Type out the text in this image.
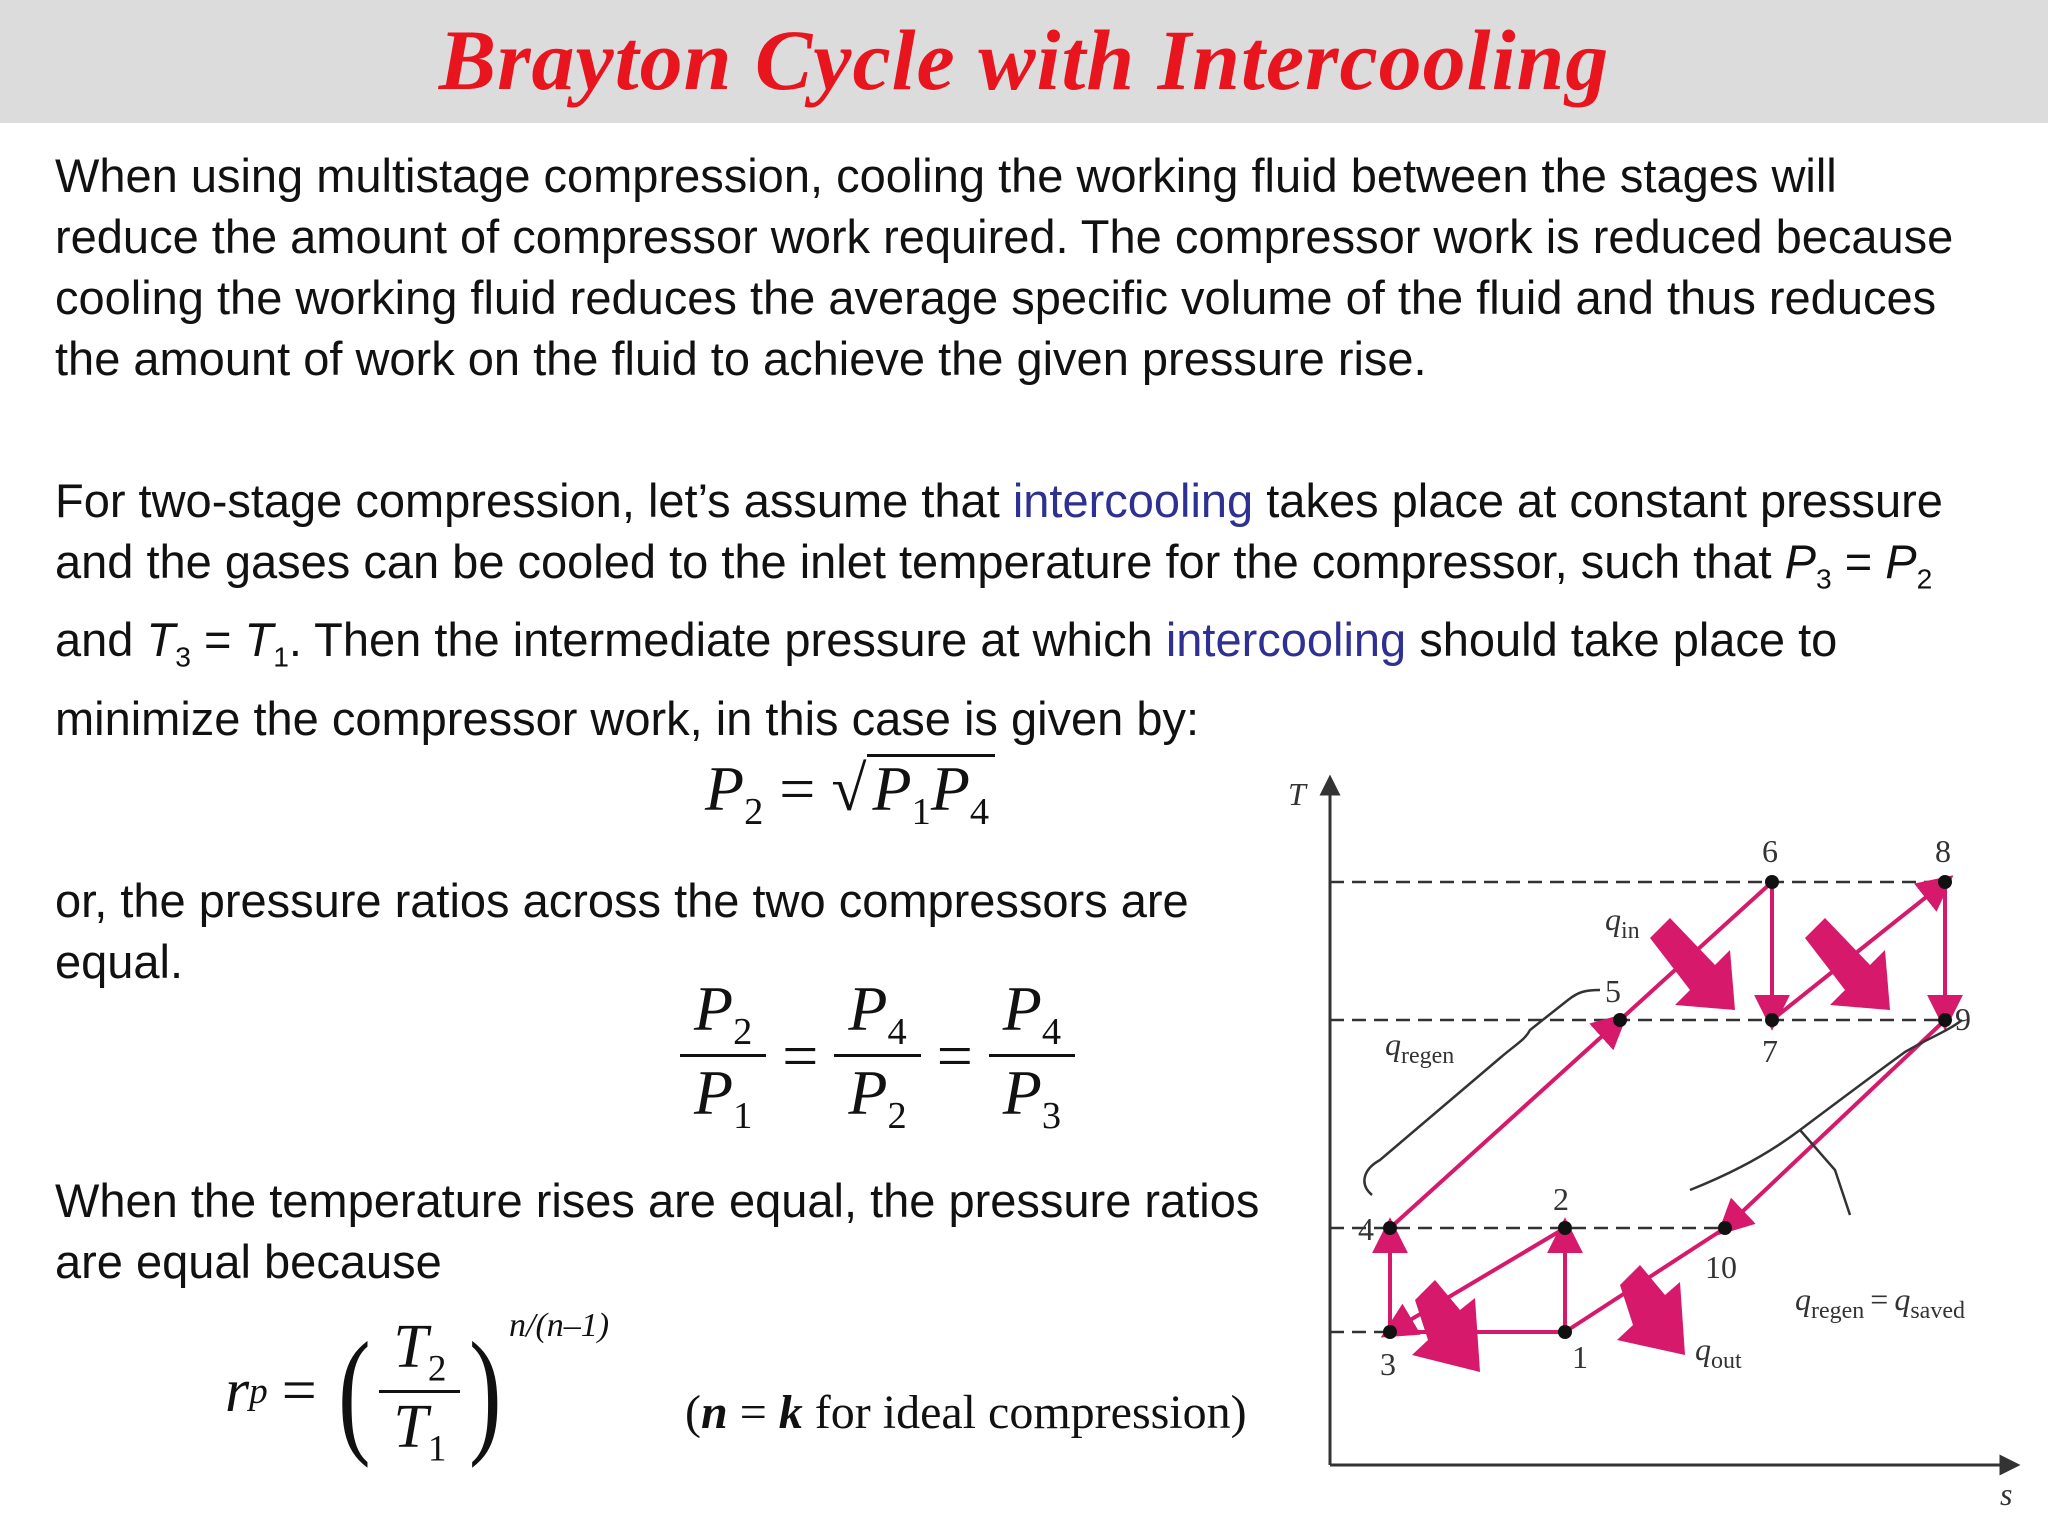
Brayton Cycle with Intercooling

When using multistage compression, cooling the working fluid between the stages will reduce the amount of compressor work required. The compressor work is reduced because cooling the working fluid reduces the average specific volume of the fluid and thus reduces the amount of work on the fluid to achieve the given pressure rise.

For two-stage compression, let’s assume that intercooling takes place at constant pressure and the gases can be cooled to the inlet temperature for the compressor, such that $P_3 = P_2$ and $T_3 = T_1$. Then the intermediate pressure at which intercooling should take place to minimize the compressor work, in this case is given by:

$P_2 = √P_1P_4$

or, the pressure ratios across the two compressors are equal.

$\frac{P_2}{P_1} = \frac{P_4}{P_2} = \frac{P_4}{P_3}$

When the temperature rises are equal, the pressure ratios are equal because

r p = ( $\frac{T_2}{T_1}$ ) n/(n–1)
(n = k for ideal compression)
T
s
1
2
3
4
5
6
7
8
9
10
$q_{in}$
$q_{regen}$
$q_{out}$
$q_{regen} = q_{saved}$
